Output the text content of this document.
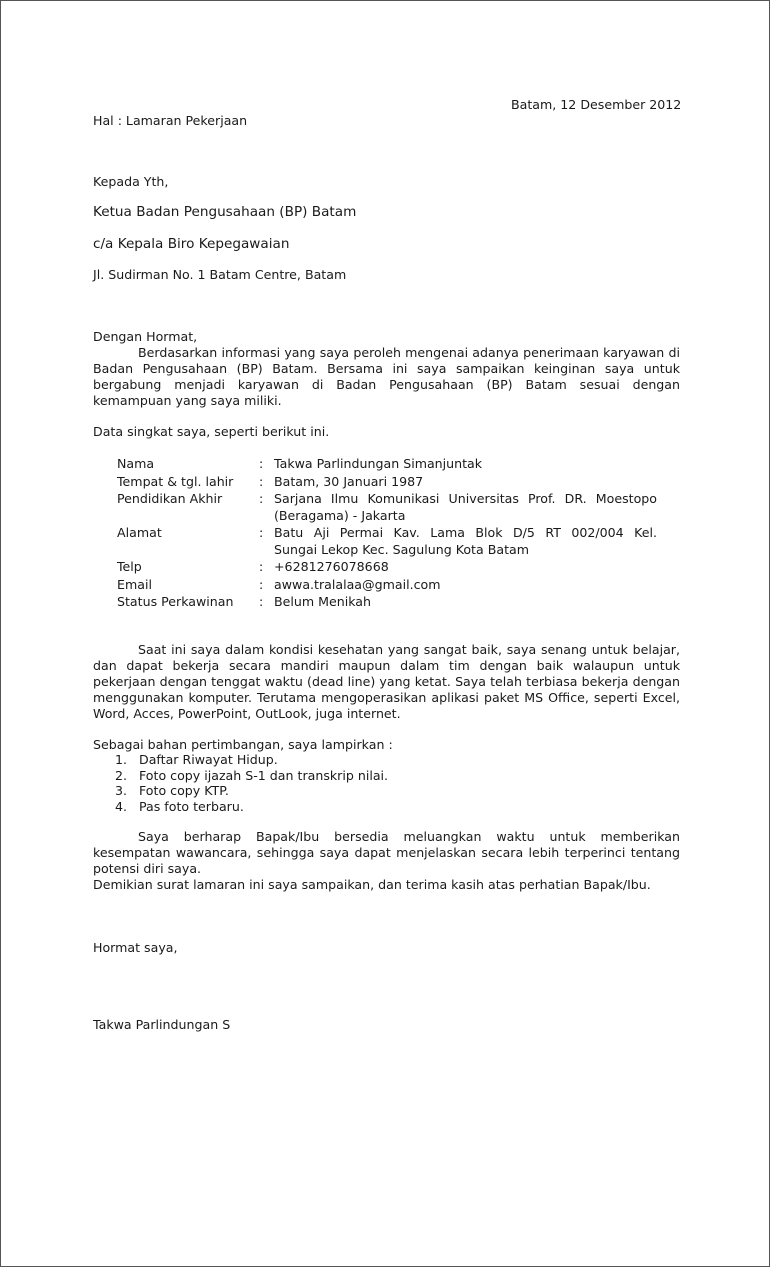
Batam, 12 Desember 2012
Hal : Lamaran Pekerjaan
Kepada Yth,
Ketua Badan Pengusahaan (BP) Batam
c/a Kepala Biro Kepegawaian
Jl. Sudirman No. 1 Batam Centre, Batam
Dengan Hormat,
Berdasarkan informasi yang saya peroleh mengenai adanya penerimaan karyawan di Badan Pengusahaan (BP) Batam. Bersama ini saya sampaikan keinginan saya untuk bergabung menjadi karyawan di Badan Pengusahaan (BP) Batam sesuai dengan kemampuan yang saya miliki.
Data singkat saya, seperti berikut ini.
Nama	: Takwa Parlindungan Simanjuntak
Tempat & tgl. lahir : Batam, 30 Januari 1987
Pendidikan Akhir	: Sarjana Ilmu Komunikasi Universitas Prof. DR. Moestopo
(Beragama) - Jakarta
Alamat	: Batu Aji Permai Kav. Lama Blok D/5 RT 002/004 Kel.
Sungai Lekop Kec. Sagulung Kota Batam
Telp	: +6281276078668
Email	: awwa.tralalaa@gmail.com
Status Perkawinan : Belum Menikah
Saat ini saya dalam kondisi kesehatan yang sangat baik, saya senang untuk belajar, dan dapat bekerja secara mandiri maupun dalam tim dengan baik walaupun untuk pekerjaan dengan tenggat waktu (dead line) yang ketat. Saya telah terbiasa bekerja dengan menggunakan komputer. Terutama mengoperasikan aplikasi paket MS Office, seperti Excel, Word, Acces, PowerPoint, OutLook, juga internet.
Sebagai bahan pertimbangan, saya lampirkan :
1. Daftar Riwayat Hidup.
2. Foto copy ijazah S-1 dan transkrip nilai.
3. Foto copy KTP.
4. Pas foto terbaru.
Saya berharap Bapak/Ibu bersedia meluangkan waktu untuk memberikan kesempatan wawancara, sehingga saya dapat menjelaskan secara lebih terperinci tentang potensi diri saya.
Demikian surat lamaran ini saya sampaikan, dan terima kasih atas perhatian Bapak/Ibu.
Hormat saya,
Takwa Parlindungan S
